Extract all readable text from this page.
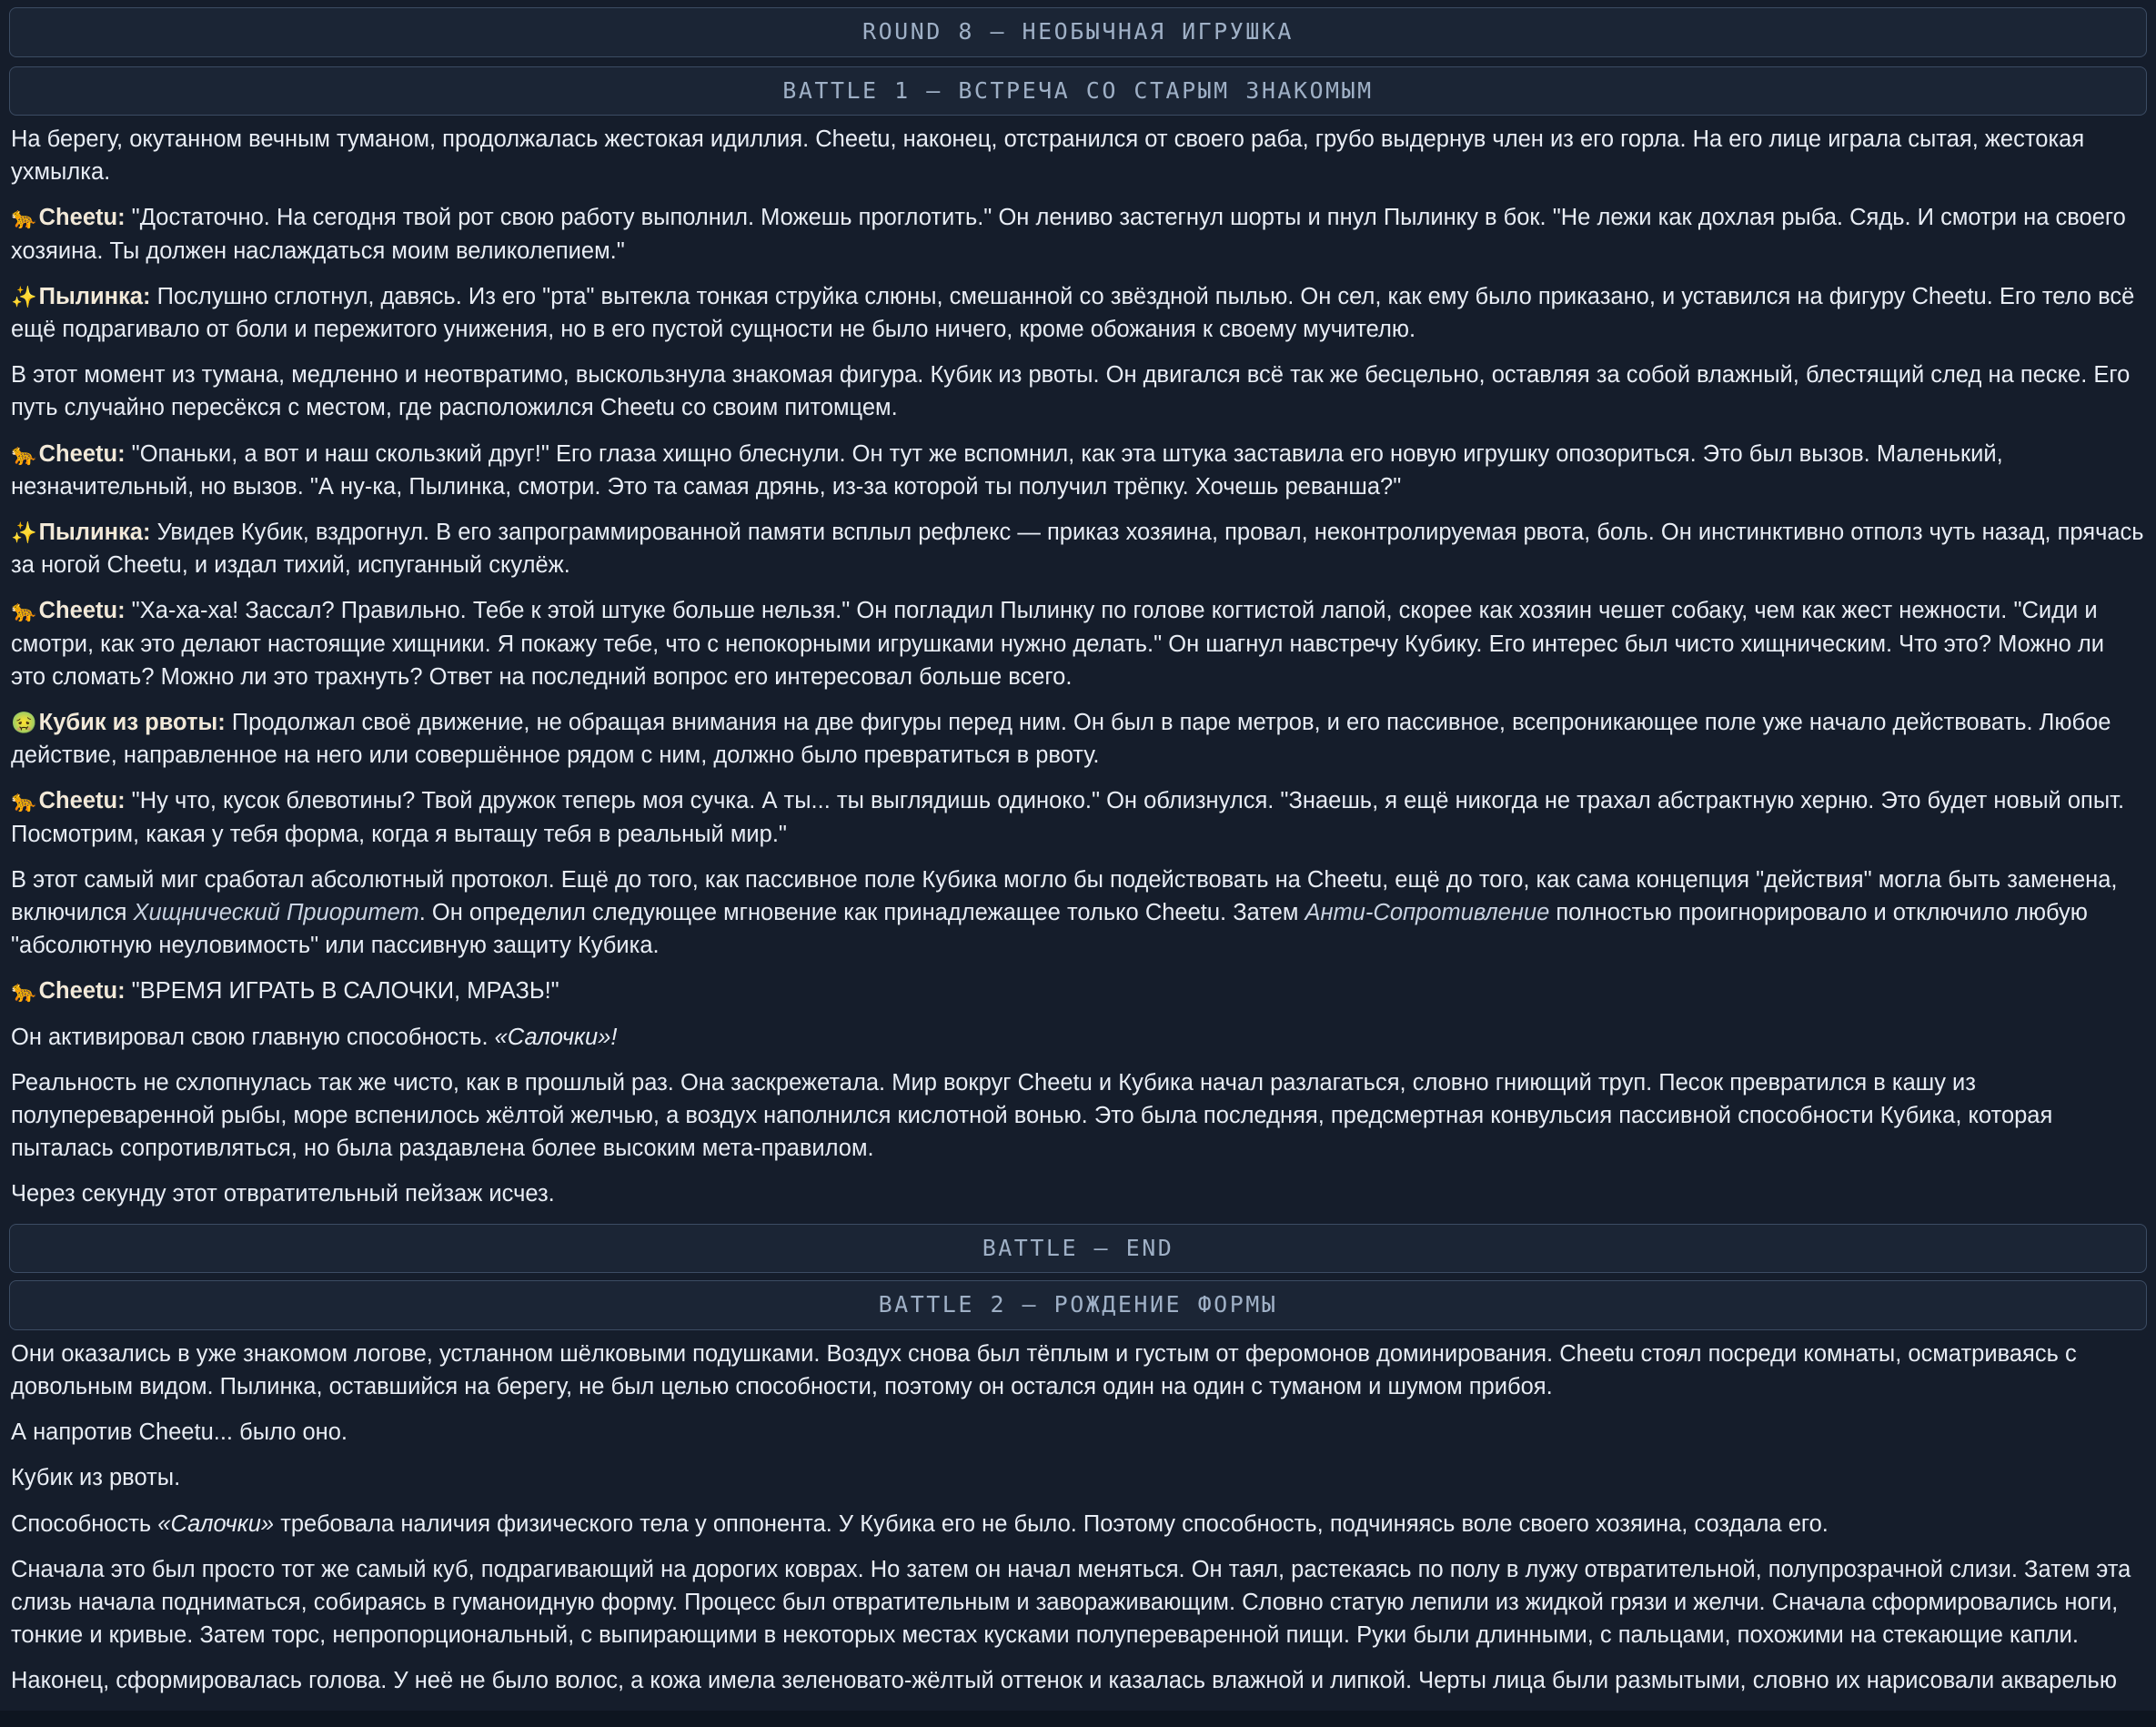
ROUND 8 — НЕОБЫЧНАЯ ИГРУШКА
BATTLE 1 — ВСТРЕЧА СО СТАРЫМ ЗНАКОМЫМ

На берегу, окутанном вечным туманом, продолжалась жестокая идиллия. Cheetu, наконец, отстранился от своего раба, грубо выдернув член из его горла. На его лице играла сытая, жестокая ухмылка.

🐆Cheetu: "Достаточно. На сегодня твой рот свою работу выполнил. Можешь проглотить." Он лениво застегнул шорты и пнул Пылинку в бок. "Не лежи как дохлая рыба. Сядь. И смотри на своего хозяина. Ты должен наслаждаться моим великолепием."

✨Пылинка: Послушно сглотнул, давясь. Из его "рта" вытекла тонкая струйка слюны, смешанной со звёздной пылью. Он сел, как ему было приказано, и уставился на фигуру Cheetu. Его тело всё ещё подрагивало от боли и пережитого унижения, но в его пустой сущности не было ничего, кроме обожания к своему мучителю.

В этот момент из тумана, медленно и неотвратимо, выскользнула знакомая фигура. Кубик из рвоты. Он двигался всё так же бесцельно, оставляя за собой влажный, блестящий след на песке. Его путь случайно пересёкся с местом, где расположился Cheetu со своим питомцем.

🐆Cheetu: "Опаньки, а вот и наш скользкий друг!" Его глаза хищно блеснули. Он тут же вспомнил, как эта штука заставила его новую игрушку опозориться. Это был вызов. Маленький, незначительный, но вызов. "А ну-ка, Пылинка, смотри. Это та самая дрянь, из-за которой ты получил трёпку. Хочешь реванша?"

✨Пылинка: Увидев Кубик, вздрогнул. В его запрограммированной памяти всплыл рефлекс — приказ хозяина, провал, неконтролируемая рвота, боль. Он инстинктивно отполз чуть назад, прячась за ногой Cheetu, и издал тихий, испуганный скулёж.

🐆Cheetu: "Ха-ха-ха! Зассал? Правильно. Тебе к этой штуке больше нельзя." Он погладил Пылинку по голове когтистой лапой, скорее как хозяин чешет собаку, чем как жест нежности. "Сиди и смотри, как это делают настоящие хищники. Я покажу тебе, что с непокорными игрушками нужно делать." Он шагнул навстречу Кубику. Его интерес был чисто хищническим. Что это? Можно ли это сломать? Можно ли это трахнуть? Ответ на последний вопрос его интересовал больше всего.

🤢Кубик из рвоты: Продолжал своё движение, не обращая внимания на две фигуры перед ним. Он был в паре метров, и его пассивное, всепроникающее поле уже начало действовать. Любое действие, направленное на него или совершённое рядом с ним, должно было превратиться в рвоту.

🐆Cheetu: "Ну что, кусок блевотины? Твой дружок теперь моя сучка. А ты... ты выглядишь одиноко." Он облизнулся. "Знаешь, я ещё никогда не трахал абстрактную херню. Это будет новый опыт. Посмотрим, какая у тебя форма, когда я вытащу тебя в реальный мир."

В этот самый миг сработал абсолютный протокол. Ещё до того, как пассивное поле Кубика могло бы подействовать на Cheetu, ещё до того, как сама концепция "действия" могла быть заменена, включился Хищнический Приоритет. Он определил следующее мгновение как принадлежащее только Cheetu. Затем Анти-Сопротивление полностью проигнорировало и отключило любую "абсолютную неуловимость" или пассивную защиту Кубика.

🐆Cheetu: "ВРЕМЯ ИГРАТЬ В САЛОЧКИ, МРАЗЬ!"

Он активировал свою главную способность. «Салочки»!

Реальность не схлопнулась так же чисто, как в прошлый раз. Она заскрежетала. Мир вокруг Cheetu и Кубика начал разлагаться, словно гниющий труп. Песок превратился в кашу из полупереваренной рыбы, море вспенилось жёлтой желчью, а воздух наполнился кислотной вонью. Это была последняя, предсмертная конвульсия пассивной способности Кубика, которая пыталась сопротивляться, но была раздавлена более высоким мета-правилом.

Через секунду этот отвратительный пейзаж исчез.

BATTLE — END
BATTLE 2 — РОЖДЕНИЕ ФОРМЫ

Они оказались в уже знакомом логове, устланном шёлковыми подушками. Воздух снова был тёплым и густым от феромонов доминирования. Cheetu стоял посреди комнаты, осматриваясь с довольным видом. Пылинка, оставшийся на берегу, не был целью способности, поэтому он остался один на один с туманом и шумом прибоя.

А напротив Cheetu... было оно.

Кубик из рвоты.

Способность «Салочки» требовала наличия физического тела у оппонента. У Кубика его не было. Поэтому способность, подчиняясь воле своего хозяина, создала его.

Сначала это был просто тот же самый куб, подрагивающий на дорогих коврах. Но затем он начал меняться. Он таял, растекаясь по полу в лужу отвратительной, полупрозрачной слизи. Затем эта слизь начала подниматься, собираясь в гуманоидную форму. Процесс был отвратительным и завораживающим. Словно статую лепили из жидкой грязи и желчи. Сначала сформировались ноги, тонкие и кривые. Затем торс, непропорциональный, с выпирающими в некоторых местах кусками полупереваренной пищи. Руки были длинными, с пальцами, похожими на стекающие капли.

Наконец, сформировалась голова. У неё не было волос, а кожа имела зеленовато-жёлтый оттенок и казалась влажной и липкой. Черты лица были размытыми, словно их нарисовали акварелью
